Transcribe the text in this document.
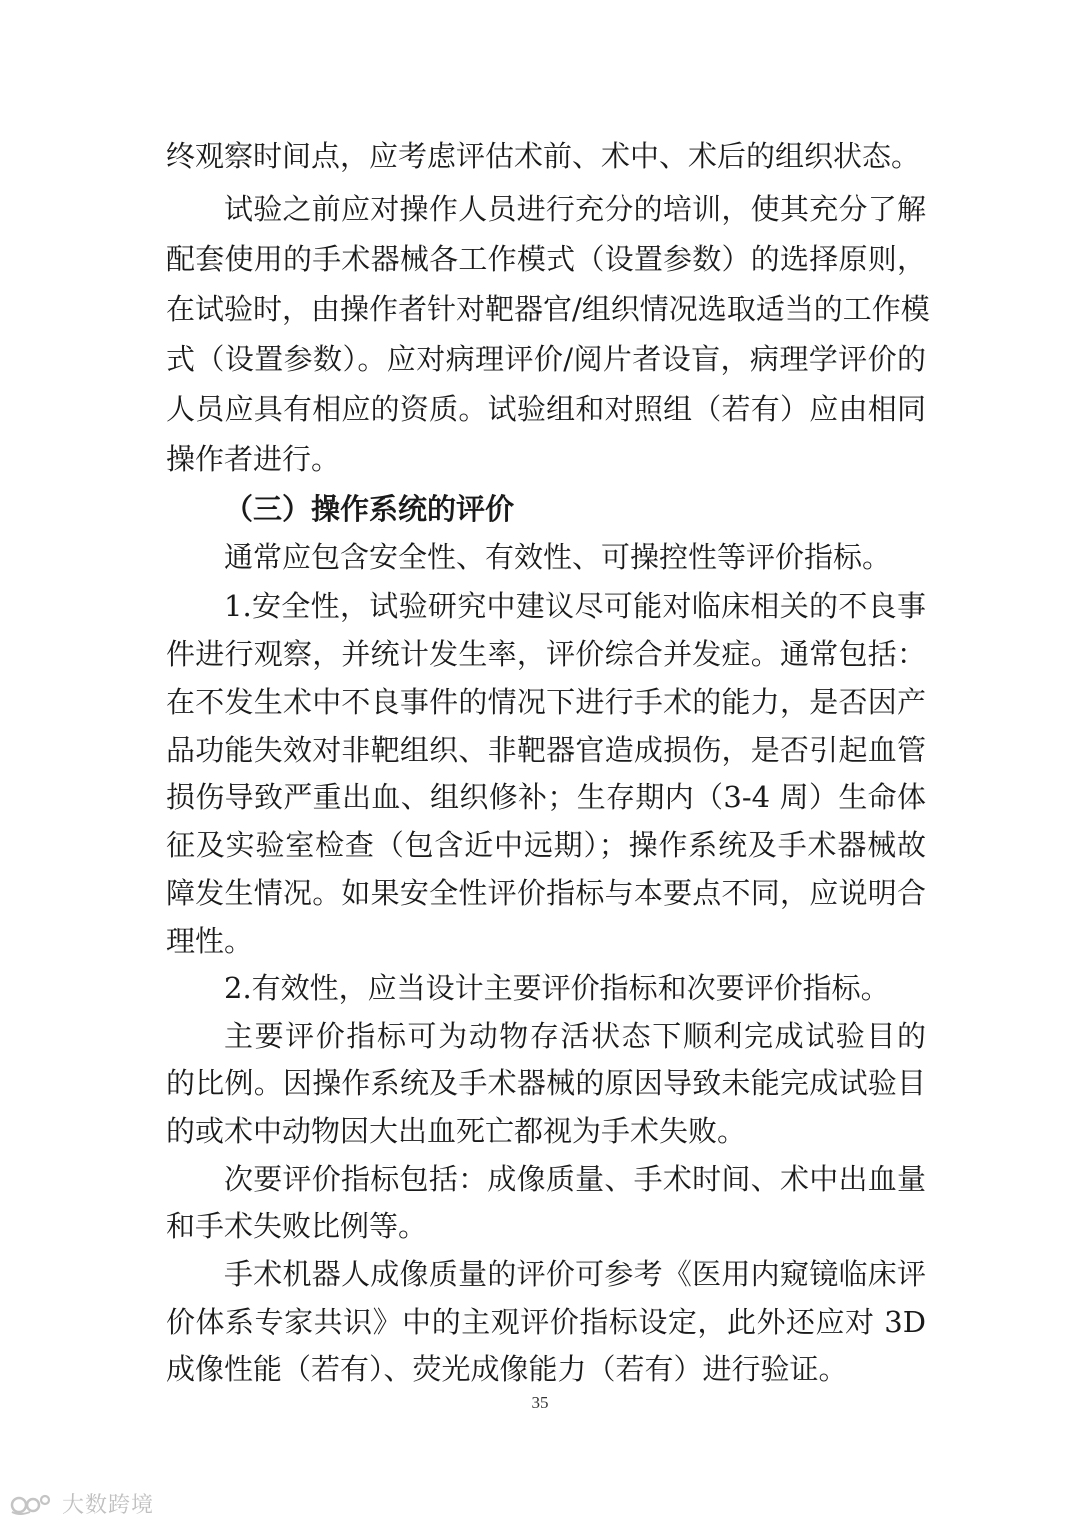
终观察时间点，应考虑评估术前、术中、术后的组织状态。
试验之前应对操作人员进行充分的培训，使其充分了解
配套使用的手术器械各工作模式（设置参数）的选择原则，
在试验时，由操作者针对靶器官/组织情况选取适当的工作模
式（设置参数）。应对病理评价/阅片者设盲，病理学评价的
人员应具有相应的资质。试验组和对照组（若有）应由相同
操作者进行。
（三）操作系统的评价
通常应包含安全性、有效性、可操控性等评价指标。
1.安全性，试验研究中建议尽可能对临床相关的不良事
件进行观察，并统计发生率，评价综合并发症。通常包括：
在不发生术中不良事件的情况下进行手术的能力，是否因产
品功能失效对非靶组织、非靶器官造成损伤，是否引起血管
损伤导致严重出血、组织修补；生存期内（3-4 周）生命体
征及实验室检查（包含近中远期）；操作系统及手术器械故
障发生情况。如果安全性评价指标与本要点不同，应说明合
理性。
2.有效性，应当设计主要评价指标和次要评价指标。
主要评价指标可为动物存活状态下顺利完成试验目的
的比例。因操作系统及手术器械的原因导致未能完成试验目
的或术中动物因大出血死亡都视为手术失败。
次要评价指标包括：成像质量、手术时间、术中出血量
和手术失败比例等。
手术机器人成像质量的评价可参考《医用内窥镜临床评
价体系专家共识》中的主观评价指标设定，此外还应对 3D
成像性能（若有）、荧光成像能力（若有）进行验证。
35
大数跨境
